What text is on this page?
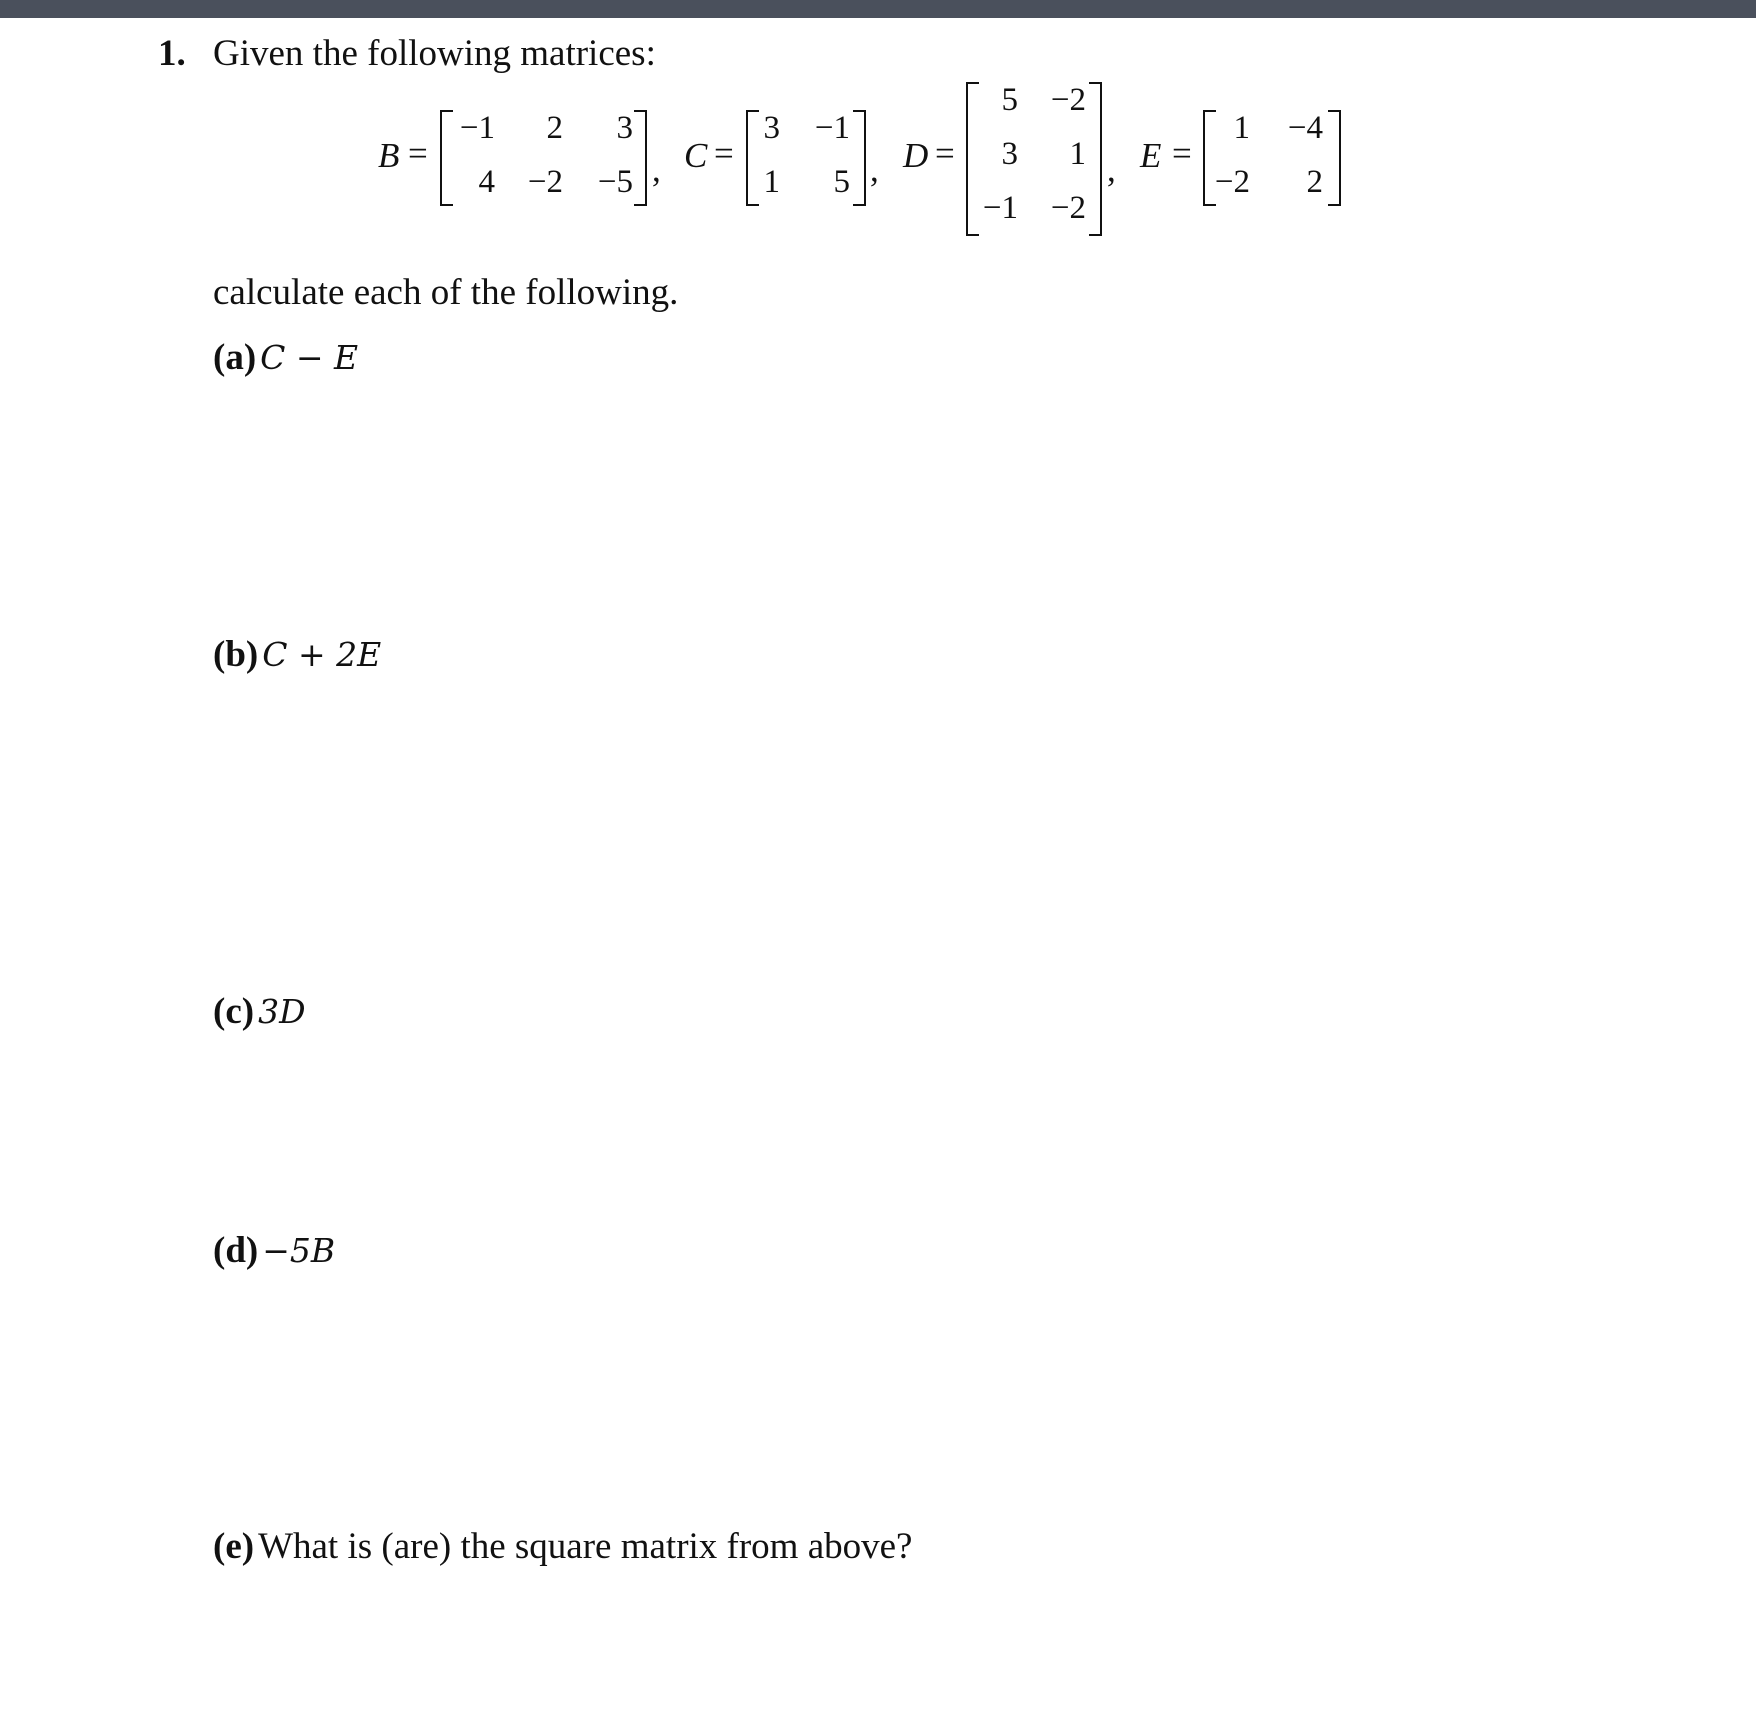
1. Given the following matrices:
B =
−1	2	3
4 −2	−5 , C =
3	−1
1	5 , D =
5 −2
3	1
−1 −2
, E =
1	−4
−2	2
calculate each of the following.
(a) C − E
(b) C + 2E
(c) 3D
(d) −5B
(e) What is (are) the square matrix from above?
